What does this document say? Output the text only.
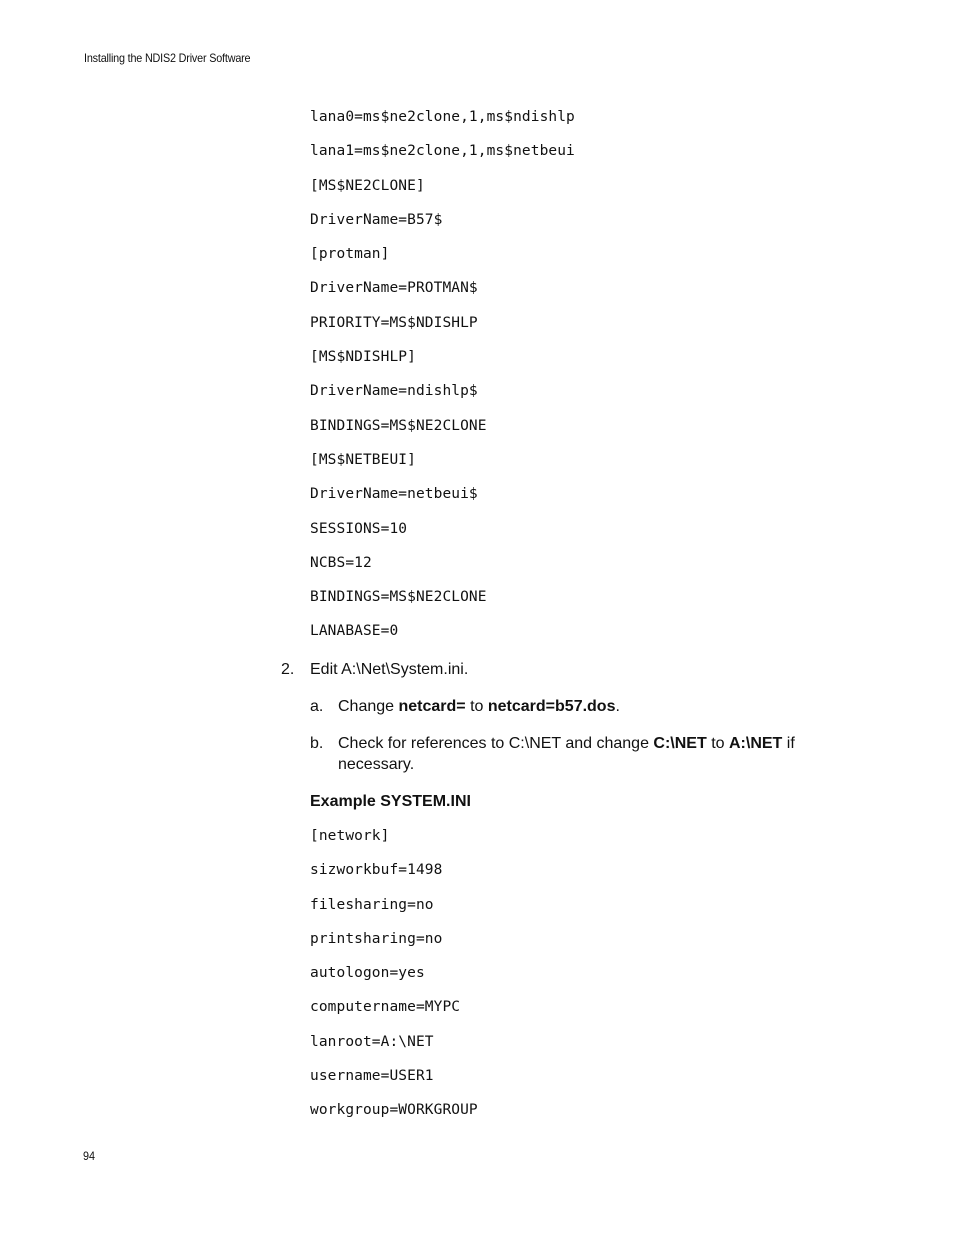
Installing the NDIS2 Driver Software
lana0=ms$ne2clone,1,ms$ndishlp
lana1=ms$ne2clone,1,ms$netbeui
[MS$NE2CLONE]
DriverName=B57$
[protman]
DriverName=PROTMAN$
PRIORITY=MS$NDISHLP
[MS$NDISHLP]
DriverName=ndishlp$
BINDINGS=MS$NE2CLONE
[MS$NETBEUI]
DriverName=netbeui$
SESSIONS=10
NCBS=12
BINDINGS=MS$NE2CLONE
LANABASE=0
2. Edit A:\Net\System.ini.
a. Change netcard= to netcard=b57.dos.
b. Check for references to C:\NET and change C:\NET to A:\NET if necessary.
Example SYSTEM.INI
[network]
sizworkbuf=1498
filesharing=no
printsharing=no
autologon=yes
computername=MYPC
lanroot=A:\NET
username=USER1
workgroup=WORKGROUP
94
